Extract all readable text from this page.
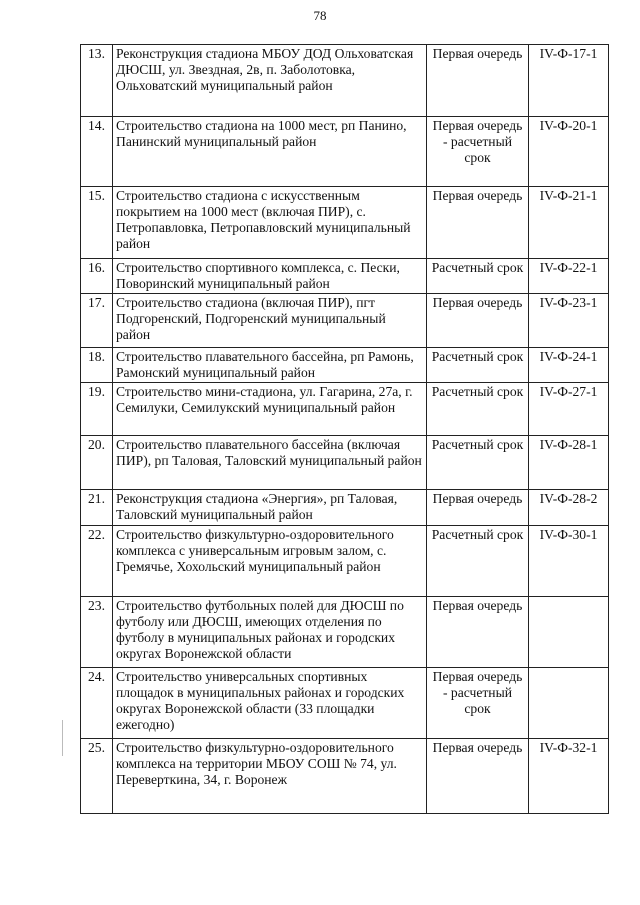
78
13.	Реконструкция стадиона МБОУ ДОД Ольховатская ДЮСШ, ул. Звездная, 2в, п. Заболотовка, Ольховатский муниципальный район	Первая очередь	IV-Ф-17-1
14.	Строительство стадиона на 1000 мест, рп Панино, Панинский муниципальный район	Первая очередь - расчетный срок	IV-Ф-20-1
15.	Строительство стадиона с искусственным покрытием на 1000 мест (включая ПИР), с. Петропавловка, Петропавловский муниципальный район	Первая очередь	IV-Ф-21-1
16.	Строительство спортивного комплекса, с. Пески, Поворинский муниципальный район	Расчетный срок	IV-Ф-22-1
17.	Строительство стадиона (включая ПИР), пгт Подгоренский, Подгоренский муниципальный район	Первая очередь	IV-Ф-23-1
18.	Строительство плавательного бассейна, рп Рамонь, Рамонский муниципальный район	Расчетный срок	IV-Ф-24-1
19.	Строительство мини-стадиона, ул. Гагарина, 27а, г. Семилуки, Семилукский муниципальный район	Расчетный срок	IV-Ф-27-1
20.	Строительство плавательного бассейна (включая ПИР), рп Таловая, Таловский муниципальный район	Расчетный срок	IV-Ф-28-1
21.	Реконструкция стадиона «Энергия», рп Таловая, Таловский муниципальный район	Первая очередь	IV-Ф-28-2
22.	Строительство физкультурно-оздоровительного комплекса с универсальным игровым залом, с. Гремячье, Хохольский муниципальный район	Расчетный срок	IV-Ф-30-1
23.	Строительство футбольных полей для ДЮСШ по футболу или ДЮСШ, имеющих отделения по футболу в муниципальных районах и городских округах Воронежской области	Первая очередь	
24.	Строительство универсальных спортивных площадок в муниципальных районах и городских округах Воронежской области (33 площадки ежегодно)	Первая очередь - расчетный срок	
25.	Строительство физкультурно-оздоровительного комплекса на территории МБОУ СОШ № 74, ул. Переверткина, 34, г. Воронеж	Первая очередь	IV-Ф-32-1
